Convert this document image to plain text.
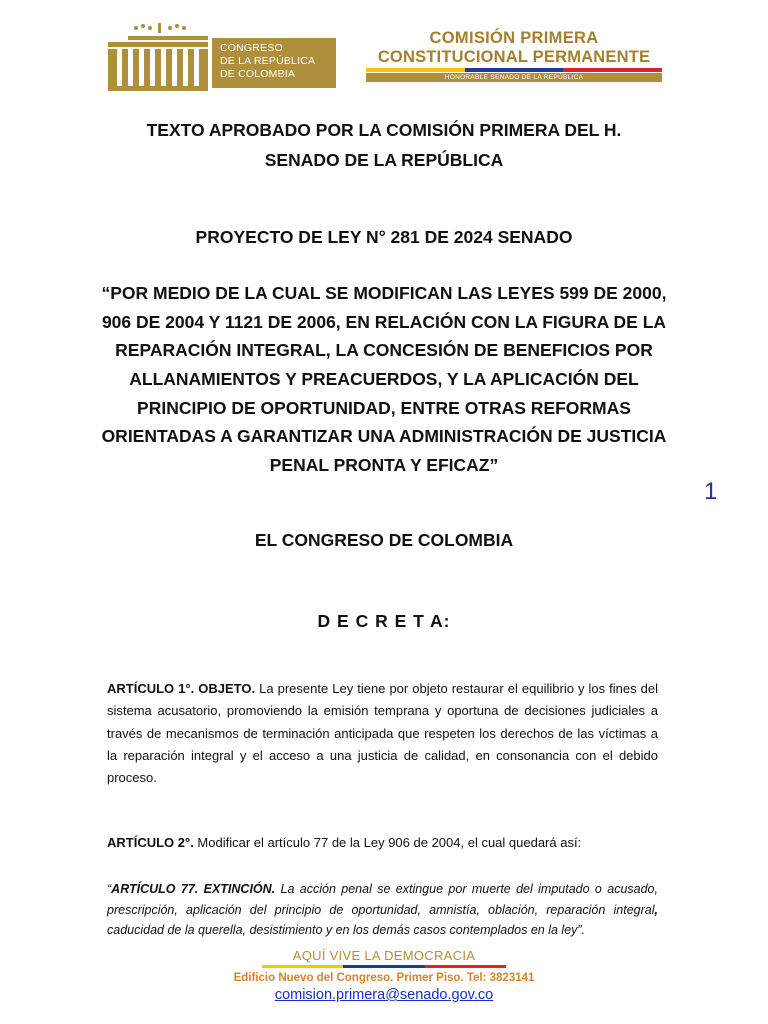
CONGRESO
DE LA REPÚBLICA
DE COLOMBIA
COMISIÓN PRIMERA
CONSTITUCIONAL PERMANENTE
HONORABLE SENADO DE LA REPÚBLICA
TEXTO APROBADO POR LA COMISIÓN PRIMERA DEL H.
SENADO DE LA REPÚBLICA
PROYECTO DE LEY N° 281 DE 2024 SENADO
“POR MEDIO DE LA CUAL SE MODIFICAN LAS LEYES 599 DE 2000,
906 DE 2004 Y 1121 DE 2006, EN RELACIÓN CON LA FIGURA DE LA
REPARACIÓN INTEGRAL, LA CONCESIÓN DE BENEFICIOS POR
ALLANAMIENTOS Y PREACUERDOS, Y LA APLICACIÓN DEL
PRINCIPIO DE OPORTUNIDAD, ENTRE OTRAS REFORMAS
ORIENTADAS A GARANTIZAR UNA ADMINISTRACIÓN DE JUSTICIA
PENAL PRONTA Y EFICAZ”
1
EL CONGRESO DE COLOMBIA
D E C R E T A:
ARTÍCULO 1°. OBJETO. La presente Ley tiene por objeto restaurar el equilibrio y los fines del sistema acusatorio, promoviendo la emisión temprana y oportuna de decisiones judiciales a través de mecanismos de terminación anticipada que respeten los derechos de las víctimas a la reparación integral y el acceso a una justicia de calidad, en consonancia con el debido proceso.
ARTÍCULO 2°. Modificar el artículo 77 de la Ley 906 de 2004, el cual quedará así:
“ARTÍCULO 77. EXTINCIÓN. La acción penal se extingue por muerte del imputado o acusado, prescripción, aplicación del principio de oportunidad, amnistía, oblación, reparación integral, caducidad de la querella, desistimiento y en los demás casos contemplados en la ley”.
AQUÍ VIVE LA DEMOCRACIA
Edificio Nuevo del Congreso. Primer Piso. Tel: 3823141
comision.primera@senado.gov.co
